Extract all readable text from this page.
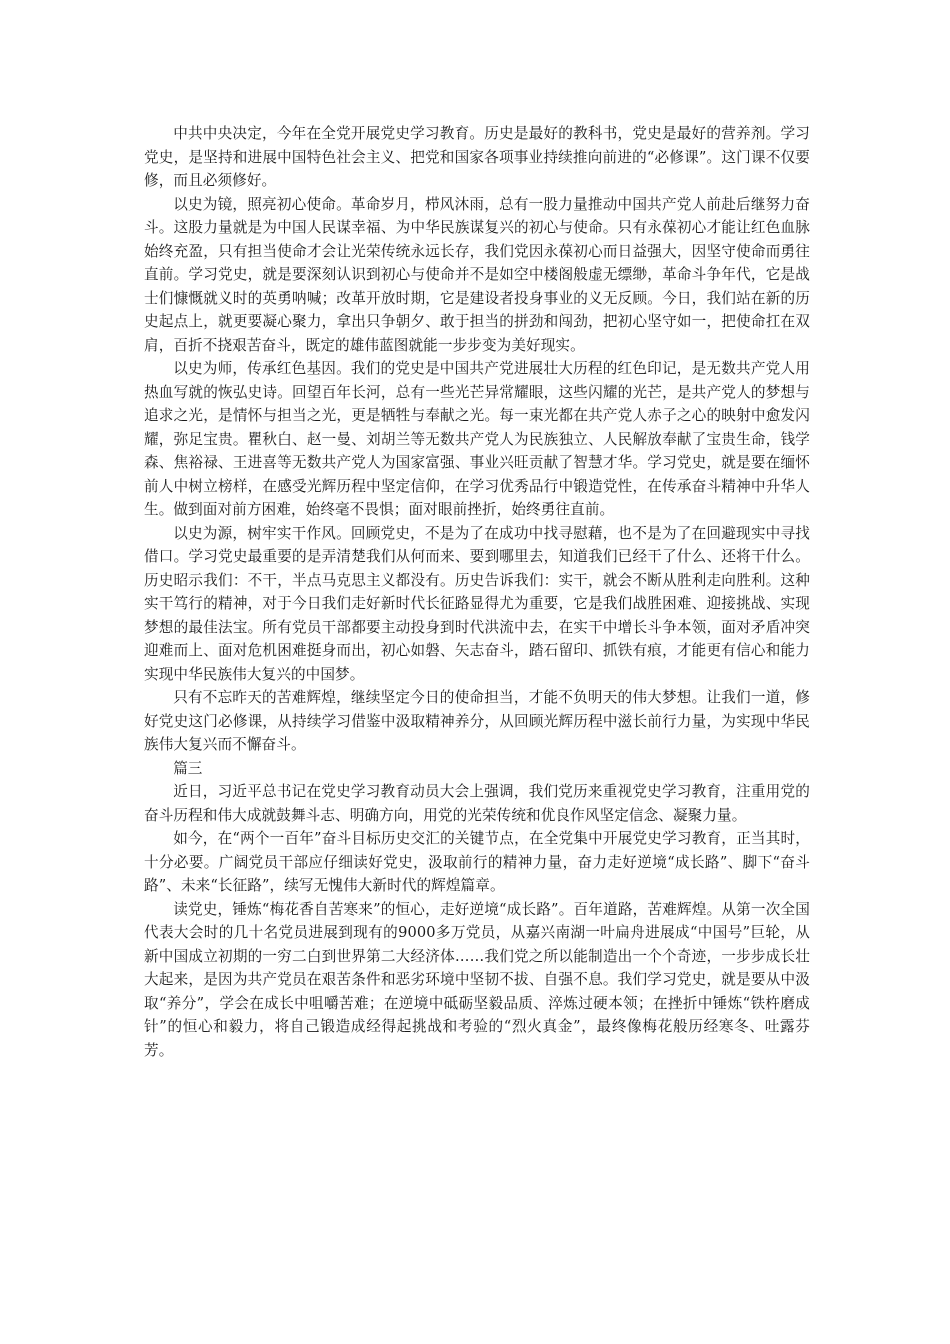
中共中央决定，今年在全党开展党史学习教育。历史是最好的教科书，党史是最好的营养剂。学习党史，是坚持和进展中国特色社会主义、把党和国家各项事业持续推向前进的“必修课”。这门课不仅要修，而且必须修好。

以史为镜，照亮初心使命。革命岁月，栉风沐雨，总有一股力量推动中国共产党人前赴后继努力奋斗。这股力量就是为中国人民谋幸福、为中华民族谋复兴的初心与使命。只有永葆初心才能让红色血脉始终充盈，只有担当使命才会让光荣传统永远长存，我们党因永葆初心而日益强大，因坚守使命而勇往直前。学习党史，就是要深刻认识到初心与使命并不是如空中楼阁般虚无缥缈，革命斗争年代，它是战士们慷慨就义时的英勇呐喊；改革开放时期，它是建设者投身事业的义无反顾。今日，我们站在新的历史起点上，就更要凝心聚力，拿出只争朝夕、敢于担当的拼劲和闯劲，把初心坚守如一，把使命扛在双肩，百折不挠艰苦奋斗，既定的雄伟蓝图就能一步步变为美好现实。

以史为师，传承红色基因。我们的党史是中国共产党进展壮大历程的红色印记，是无数共产党人用热血写就的恢弘史诗。回望百年长河，总有一些光芒异常耀眼，这些闪耀的光芒，是共产党人的梦想与追求之光，是情怀与担当之光，更是牺牲与奉献之光。每一束光都在共产党人赤子之心的映射中愈发闪耀，弥足宝贵。瞿秋白、赵一曼、刘胡兰等无数共产党人为民族独立、人民解放奉献了宝贵生命，钱学森、焦裕禄、王进喜等无数共产党人为国家富强、事业兴旺贡献了智慧才华。学习党史，就是要在缅怀前人中树立榜样，在感受光辉历程中坚定信仰，在学习优秀品行中锻造党性，在传承奋斗精神中升华人生。做到面对前方困难，始终毫不畏惧；面对眼前挫折，始终勇往直前。

以史为源，树牢实干作风。回顾党史，不是为了在成功中找寻慰藉，也不是为了在回避现实中寻找借口。学习党史最重要的是弄清楚我们从何而来、要到哪里去，知道我们已经干了什么、还将干什么。历史昭示我们：不干，半点马克思主义都没有。历史告诉我们：实干，就会不断从胜利走向胜利。这种实干笃行的精神，对于今日我们走好新时代长征路显得尤为重要，它是我们战胜困难、迎接挑战、实现梦想的最佳法宝。所有党员干部都要主动投身到时代洪流中去，在实干中增长斗争本领，面对矛盾冲突迎难而上、面对危机困难挺身而出，初心如磐、矢志奋斗，踏石留印、抓铁有痕，才能更有信心和能力实现中华民族伟大复兴的中国梦。

只有不忘昨天的苦难辉煌，继续坚定今日的使命担当，才能不负明天的伟大梦想。让我们一道，修好党史这门必修课，从持续学习借鉴中汲取精神养分，从回顾光辉历程中滋长前行力量，为实现中华民族伟大复兴而不懈奋斗。

篇三

近日，习近平总书记在党史学习教育动员大会上强调，我们党历来重视党史学习教育，注重用党的奋斗历程和伟大成就鼓舞斗志、明确方向，用党的光荣传统和优良作风坚定信念、凝聚力量。

如今，在“两个一百年”奋斗目标历史交汇的关键节点，在全党集中开展党史学习教育，正当其时，十分必要。广阔党员干部应仔细读好党史，汲取前行的精神力量，奋力走好逆境“成长路”、脚下“奋斗路”、未来“长征路”，续写无愧伟大新时代的辉煌篇章。

读党史，锤炼“梅花香自苦寒来”的恒心，走好逆境“成长路”。百年道路，苦难辉煌。从第一次全国代表大会时的几十名党员进展到现有的9000多万党员，从嘉兴南湖一叶扁舟进展成“中国号”巨轮，从新中国成立初期的一穷二白到世界第二大经济体……我们党之所以能制造出一个个奇迹，一步步成长壮大起来，是因为共产党员在艰苦条件和恶劣环境中坚韧不拔、自强不息。我们学习党史，就是要从中汲取“养分”，学会在成长中咀嚼苦难；在逆境中砥砺坚毅品质、淬炼过硬本领；在挫折中锤炼“铁杵磨成针”的恒心和毅力，将自己锻造成经得起挑战和考验的“烈火真金”，最终像梅花般历经寒冬、吐露芬芳。
